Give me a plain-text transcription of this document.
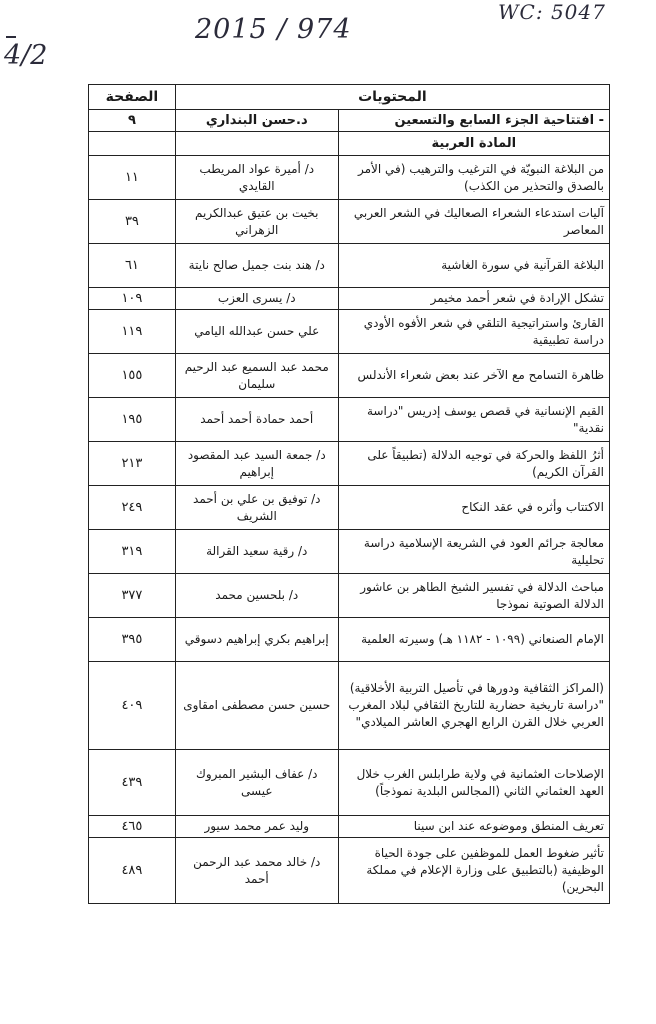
4/2
2015 / 974
WC: 5047
المحتويات		الصفحة
- افتتاحية الجزء السابع والتسعين	د.حسن البنداري	٩
المادة العربية		
من البلاغة النبويّة في الترغيب والترهيب (في الأمر بالصدق والتحذير من الكذب)	د/ أميرة عواد المريطب القايدي	١١
آليات استدعاء الشعراء الصعاليك في الشعر العربي المعاصر	بخيت بن عتيق عبدالكريم الزهراني	٣٩
البلاغة القرآنية في سورة الغاشية	د/ هند بنت جميل صالح نايتة	٦١
تشكل الإرادة في شعر أحمد مخيمر	د/ يسرى العزب	١٠٩
القارئ واستراتيجية التلقي في شعر الأفوه الأودي دراسة تطبيقية	علي حسن عبدالله اليامي	١١٩
ظاهرة التسامح مع الآخر عند بعض شعراء الأندلس	محمد عبد السميع عبد الرحيم سليمان	١٥٥
القيم الإنسانية في قصص يوسف إدريس "دراسة نقدية"	أحمد حمادة أحمد أحمد	١٩٥
أثرُ اللفظ والحركة في توجيه الدلالة (تطبيقاً على القرآن الكريم)	د/ جمعة السيد عبد المقصود إبراهيم	٢١٣
الاكتتاب وأثره في عقد النكاح	د/ توفيق بن علي بن أحمد الشريف	٢٤٩
معالجة جرائم العود في الشريعة الإسلامية دراسة تحليلية	د/ رقية سعيد القرالة	٣١٩
مباحث الدلالة في تفسير الشيخ الطاهر بن عاشور الدلالة الصوتية نموذجا	د/ بلحسين محمد	٣٧٧
الإمام الصنعاني (١٠٩٩ - ١١٨٢ هـ) وسيرته العلمية	إبراهيم بكري إبراهيم دسوقي	٣٩٥
(المراكز الثقافية ودورها في تأصيل التربية الأخلاقية) "دراسة تاريخية حضارية للتاريخ الثقافي لبلاد المغرب العربي خلال القرن الرابع الهجري العاشر الميلادي"	حسين حسن مصطفى امقاوى	٤٠٩
الإصلاحات العثمانية في ولاية طرابلس الغرب خلال العهد العثماني الثاني (المجالس البلدية نموذجاً)	د/ عفاف البشير المبروك عيسى	٤٣٩
تعريف المنطق وموضوعه عند ابن سينا	وليد عمر محمد سيور	٤٦٥
تأثير ضغوط العمل للموظفين على جودة الحياة الوظيفية (بالتطبيق على وزارة الإعلام في مملكة البحرين)	د/ خالد محمد عبد الرحمن أحمد	٤٨٩
